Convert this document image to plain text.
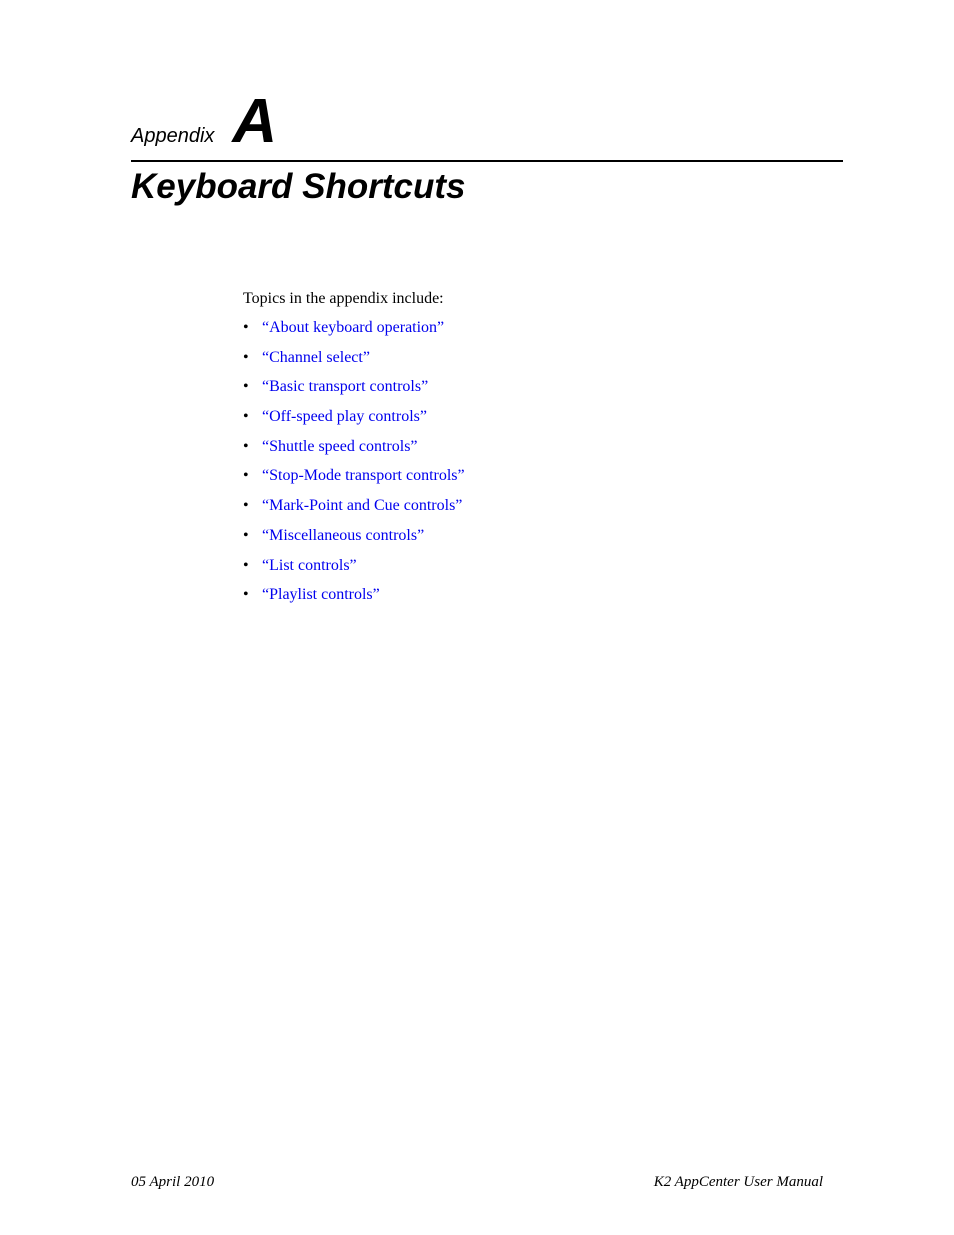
Appendix A
Keyboard Shortcuts

Topics in the appendix include:

• “About keyboard operation”
• “Channel select”
• “Basic transport controls”
• “Off-speed play controls”
• “Shuttle speed controls”
• “Stop-Mode transport controls”
• “Mark-Point and Cue controls”
• “Miscellaneous controls”
• “List controls”
• “Playlist controls”
05 April 2010	K2 AppCenter User Manual
